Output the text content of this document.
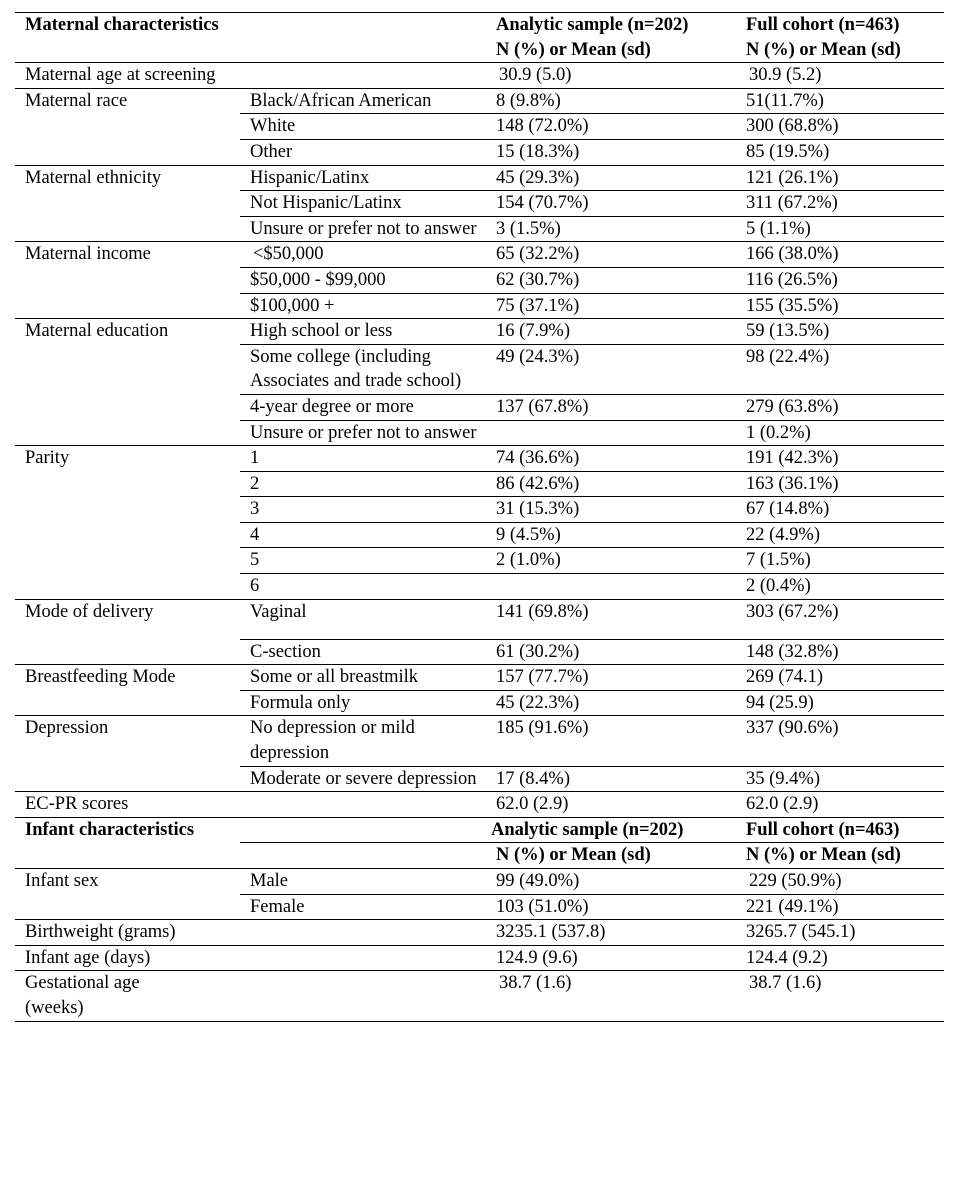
Maternal characteristics		Analytic sample (n=202)	Full cohort (n=463)
		N (%) or Mean (sd)	N (%) or Mean (sd)
Maternal age at screening		30.9 (5.0)	30.9 (5.2)
Maternal race	Black/African American	8 (9.8%)	51(11.7%)
	White	148 (72.0%)	300 (68.8%)
	Other	15 (18.3%)	85 (19.5%)
Maternal ethnicity	Hispanic/Latinx	45 (29.3%)	121 (26.1%)
	Not Hispanic/Latinx	154 (70.7%)	311 (67.2%)
	Unsure or prefer not to answer	3 (1.5%)	5 (1.1%)
Maternal income	<$50,000	65 (32.2%)	166 (38.0%)
	$50,000 - $99,000	62 (30.7%)	116 (26.5%)
	$100,000 +	75 (37.1%)	155 (35.5%)
Maternal education	High school or less	16 (7.9%)	59 (13.5%)
	Some college (including Associates and trade school)	49 (24.3%)	98 (22.4%)
	4-year degree or more	137 (67.8%)	279 (63.8%)
	Unsure or prefer not to answer		1 (0.2%)
Parity	1	74 (36.6%)	191 (42.3%)
	2	86 (42.6%)	163 (36.1%)
	3	31 (15.3%)	67 (14.8%)
	4	9 (4.5%)	22 (4.9%)
	5	2 (1.0%)	7 (1.5%)
	6		2 (0.4%)
Mode of delivery	Vaginal	141 (69.8%)	303 (67.2%)
	C-section	61 (30.2%)	148 (32.8%)
Breastfeeding Mode	Some or all breastmilk	157 (77.7%)	269 (74.1)
	Formula only	45 (22.3%)	94 (25.9)
Depression	No depression or mild depression	185 (91.6%)	337 (90.6%)
	Moderate or severe depression	17 (8.4%)	35 (9.4%)
EC-PR scores		62.0 (2.9)	62.0 (2.9)
Infant characteristics		Analytic sample (n=202)	Full cohort (n=463)
		N (%) or Mean (sd)	N (%) or Mean (sd)
Infant sex	Male	99 (49.0%)	229 (50.9%)
	Female	103 (51.0%)	221 (49.1%)
Birthweight (grams)		3235.1 (537.8)	3265.7 (545.1)
Infant age (days)		124.9 (9.6)	124.4 (9.2)

Gestational age (weeks)		38.7 (1.6)	38.7 (1.6)
